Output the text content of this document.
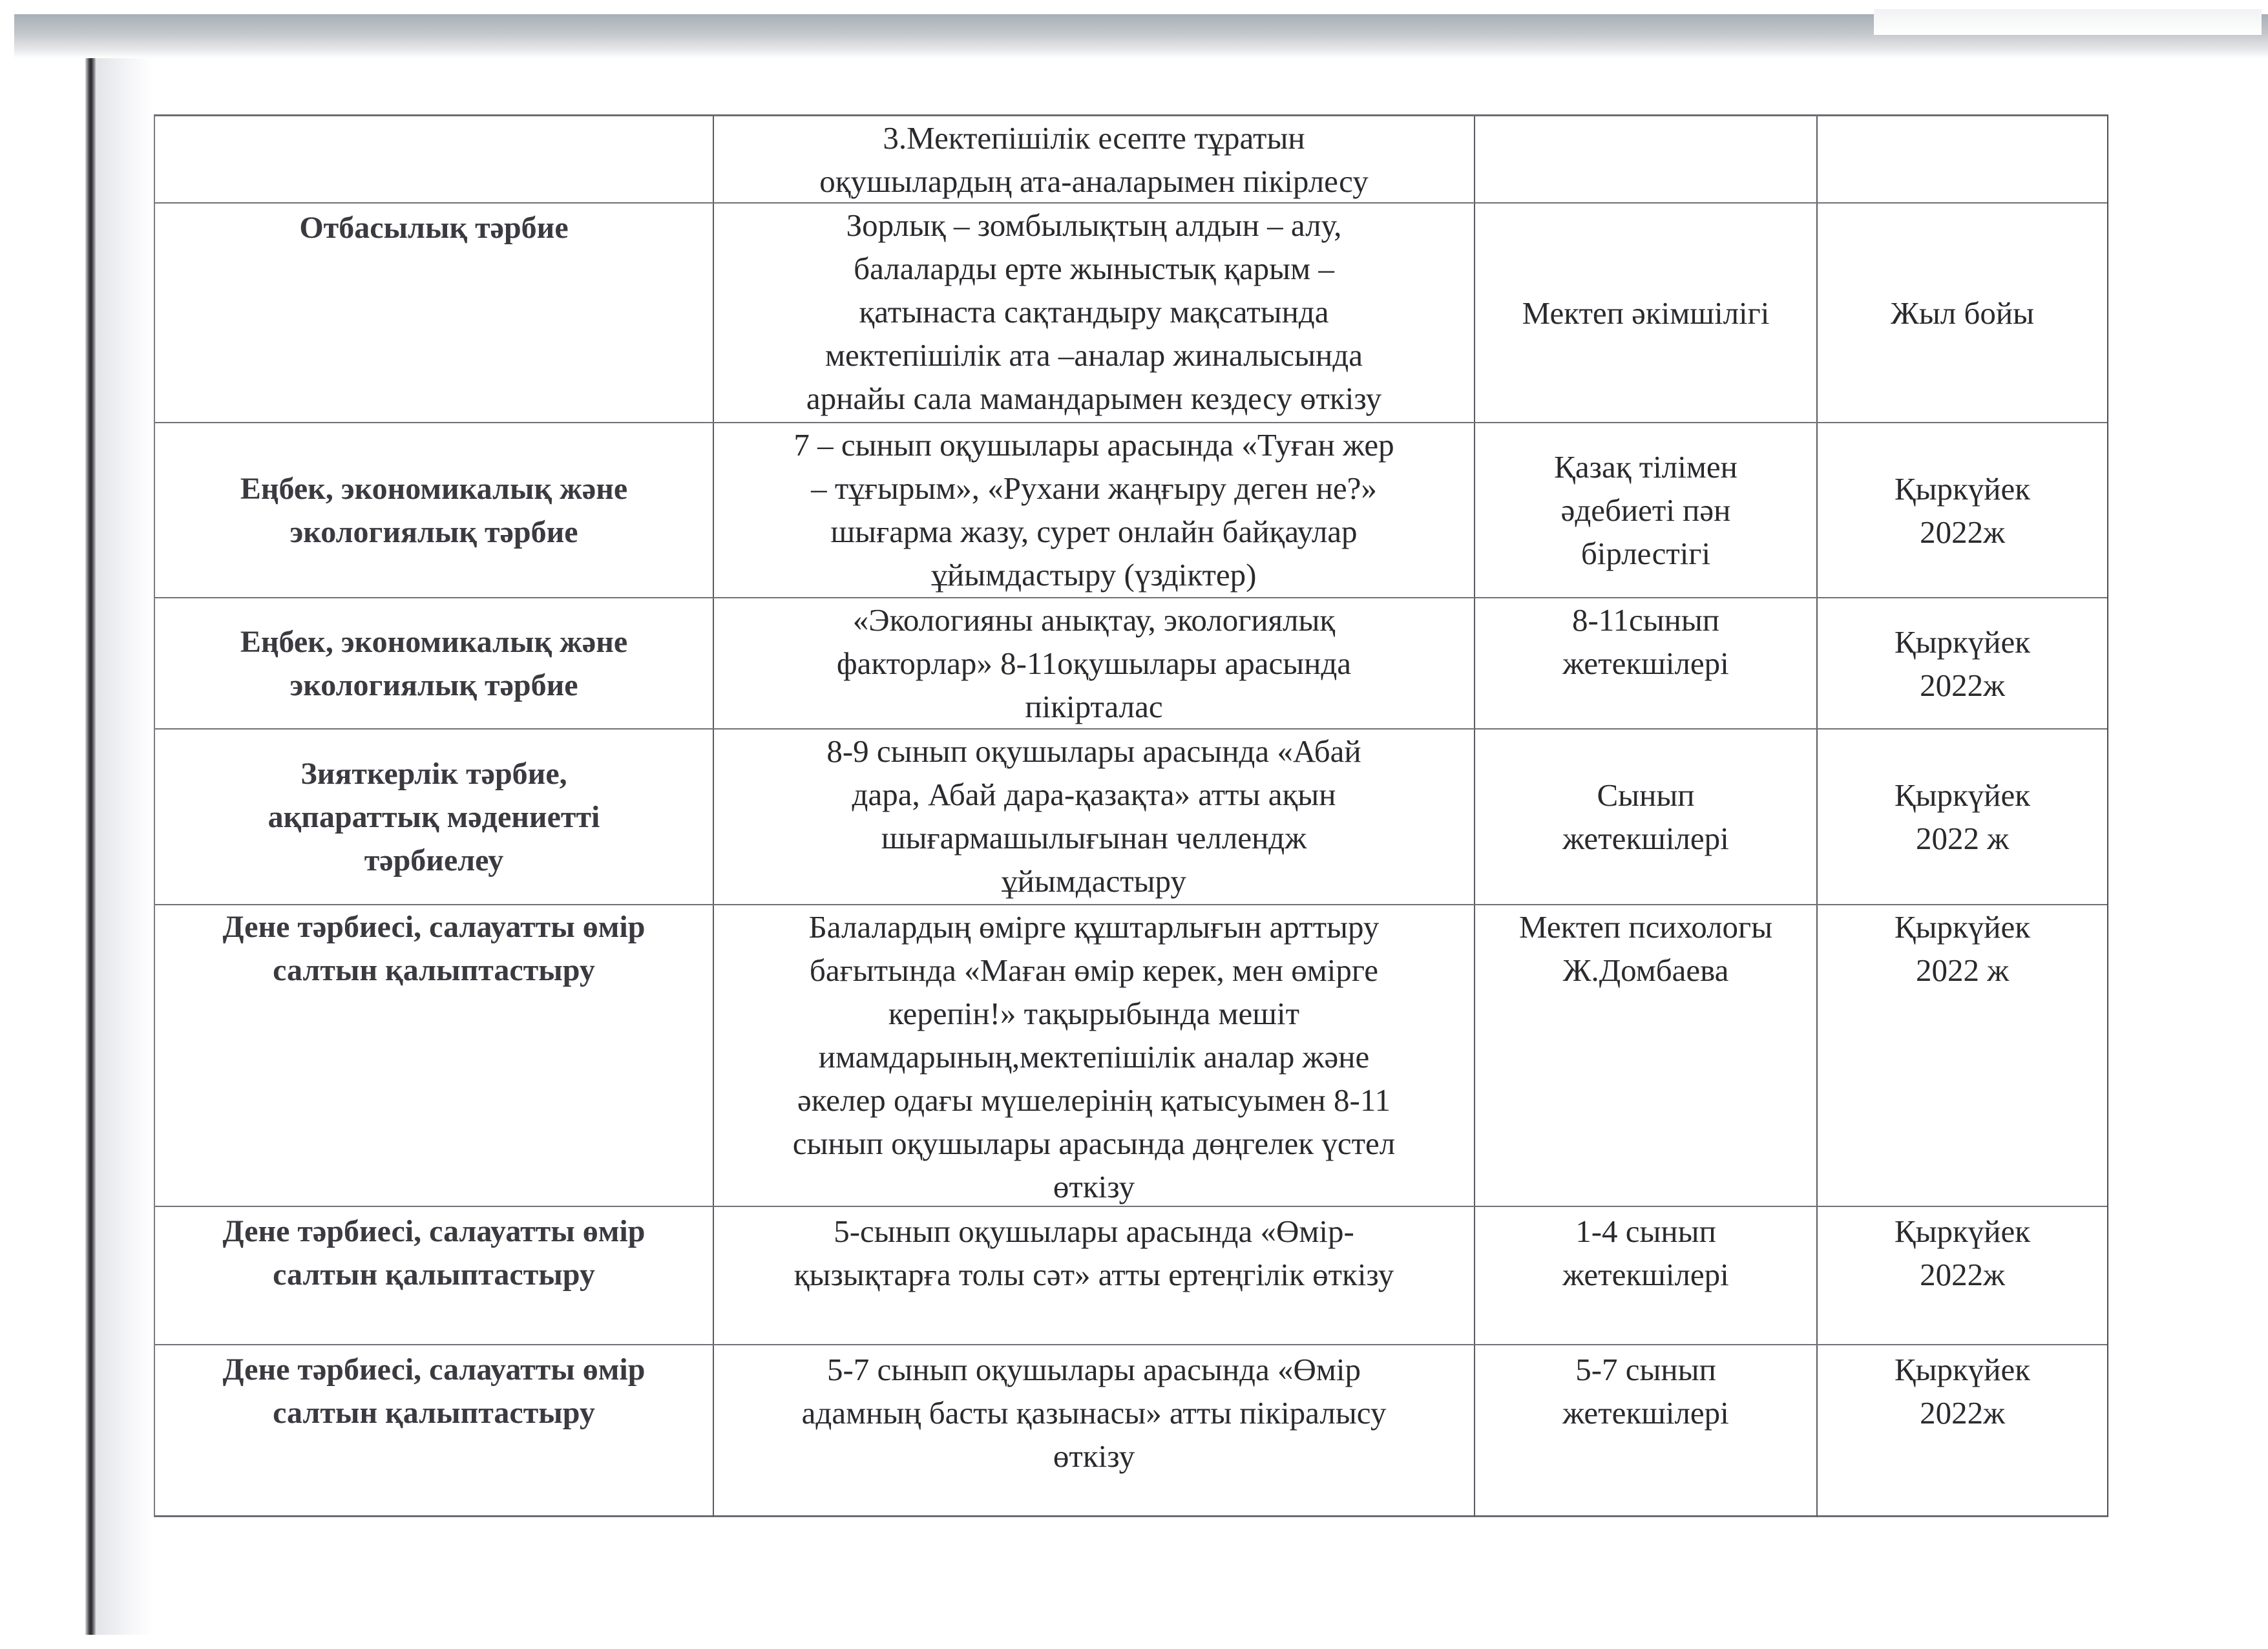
3.Мектепішілік есепте тұратын
оқушылардың ата-аналарымен пікірлесу
Отбасылық тәрбие	Зорлық – зомбылықтың алдын – алу,
балаларды ерте жыныстық қарым –
қатынаста сақтандыру мақсатында
мектепішілік ата –аналар жиналысында
арнайы сала мамандарымен кездесу өткізу
Мектеп әкімшілігі	Жыл бойы
Еңбек, экономикалық және
экологиялық тәрбие
7 – сынып оқушылары арасында «Туған жер
– тұғырым», «Рухани жаңғыру деген не?»
шығарма жазу, сурет онлайн байқаулар
ұйымдастыру (үздіктер)
Қазақ тілімен
әдебиеті пән
бірлестігі
Қыркүйек
2022ж
Еңбек, экономикалық және
экологиялық тәрбие
«Экологияны анықтау, экологиялық
факторлар» 8-11оқушылары арасында
пікірталас
8-11сынып
жетекшілері
Қыркүйек
2022ж
Зияткерлік тәрбие,
ақпараттық мәдениетті
тәрбиелеу
8-9 сынып оқушылары арасында «Абай
дара, Абай дара-қазақта» атты ақын
шығармашылығынан челлендж
ұйымдастыру
Сынып
жетекшілері
Қыркүйек
2022 ж
Дене тәрбиесі, салауатты өмір
салтын қалыптастыру
Балалардың өмірге құштарлығын арттыру
бағытында «Маған өмір керек, мен өмірге
керепін!» тақырыбында мешіт
имамдарының,мектепішілік аналар және
әкелер одағы мүшелерінің қатысуымен 8-11
сынып оқушылары арасында дөңгелек үстел
өткізу
Мектеп психологы
Ж.Домбаева
Қыркүйек
2022 ж
Дене тәрбиесі, салауатты өмір
салтын қалыптастыру
5-сынып оқушылары арасында «Өмір-
қызықтарға толы сәт» атты ертеңгілік өткізу
1-4 сынып
жетекшілері
Қыркүйек
2022ж
Дене тәрбиесі, салауатты өмір
салтын қалыптастыру
5-7 сынып оқушылары арасында «Өмір
адамның басты қазынасы» атты пікіралысу
өткізу
5-7 сынып
жетекшілері
Қыркүйек
2022ж
